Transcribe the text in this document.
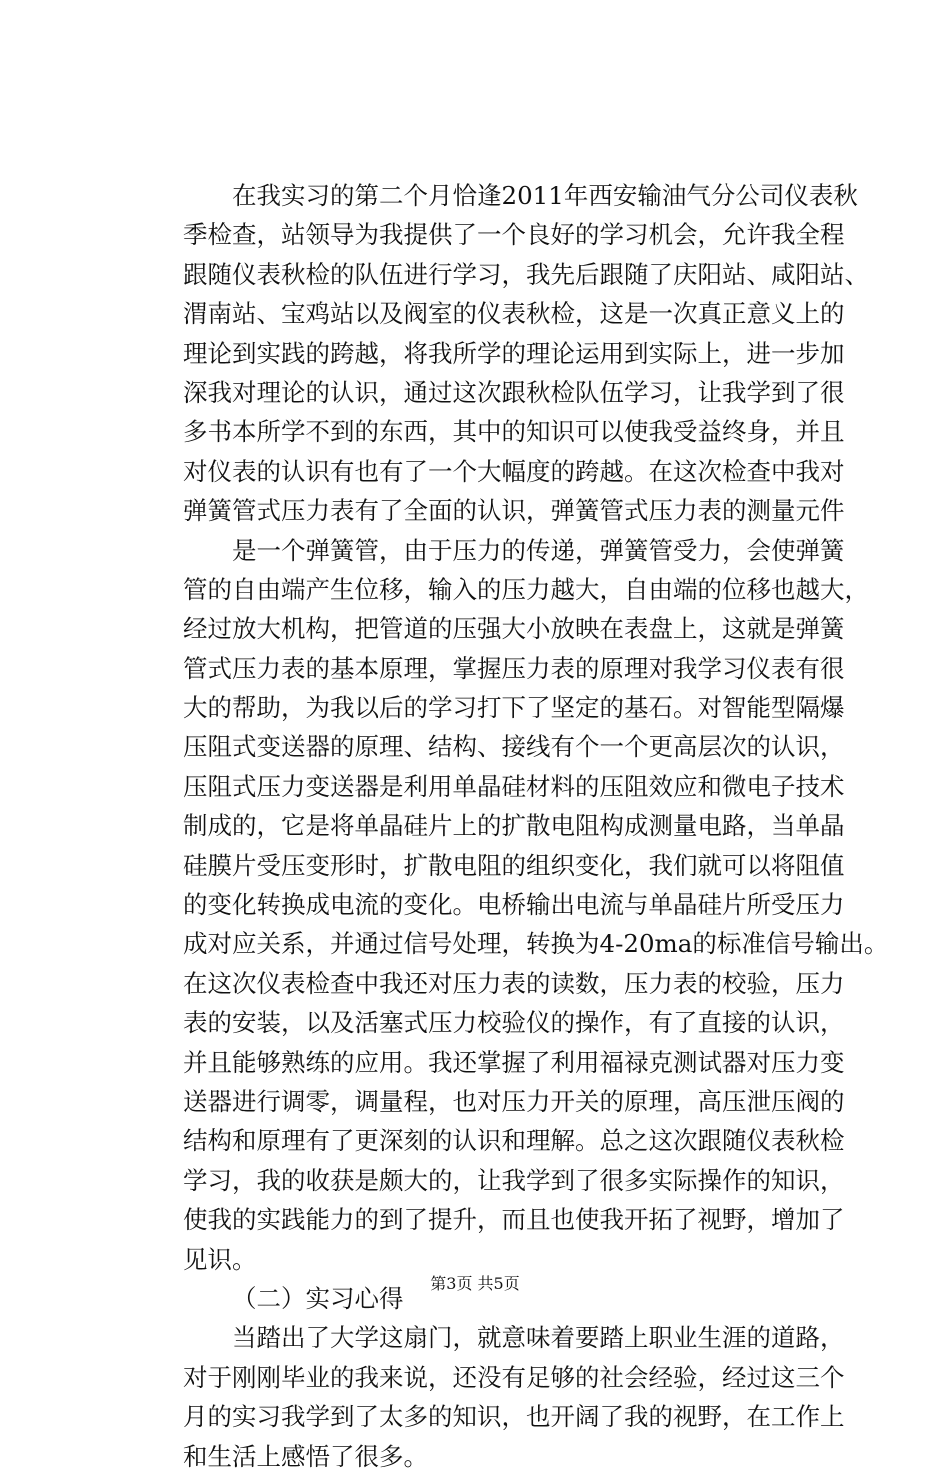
在我实习的第二个月恰逢2011年西安输油气分公司仪表秋
季检查，站领导为我提供了一个良好的学习机会，允许我全程
跟随仪表秋检的队伍进行学习，我先后跟随了庆阳站、咸阳站、
渭南站、宝鸡站以及阀室的仪表秋检，这是一次真正意义上的
理论到实践的跨越，将我所学的理论运用到实际上，进一步加
深我对理论的认识，通过这次跟秋检队伍学习，让我学到了很
多书本所学不到的东西，其中的知识可以使我受益终身，并且
对仪表的认识有也有了一个大幅度的跨越。在这次检查中我对
弹簧管式压力表有了全面的认识，弹簧管式压力表的测量元件
是一个弹簧管，由于压力的传递，弹簧管受力，会使弹簧
管的自由端产生位移，输入的压力越大，自由端的位移也越大，
经过放大机构，把管道的压强大小放映在表盘上，这就是弹簧
管式压力表的基本原理，掌握压力表的原理对我学习仪表有很
大的帮助，为我以后的学习打下了坚定的基石。对智能型隔爆
压阻式变送器的原理、结构、接线有个一个更高层次的认识，
压阻式压力变送器是利用单晶硅材料的压阻效应和微电子技术
制成的，它是将单晶硅片上的扩散电阻构成测量电路，当单晶
硅膜片受压变形时，扩散电阻的组织变化，我们就可以将阻值
的变化转换成电流的变化。电桥输出电流与单晶硅片所受压力
成对应关系，并通过信号处理，转换为4-20ma的标准信号输出。
在这次仪表检查中我还对压力表的读数，压力表的校验，压力
表的安装，以及活塞式压力校验仪的操作，有了直接的认识，
并且能够熟练的应用。我还掌握了利用福禄克测试器对压力变
送器进行调零，调量程，也对压力开关的原理，高压泄压阀的
结构和原理有了更深刻的认识和理解。总之这次跟随仪表秋检
学习，我的收获是颇大的，让我学到了很多实际操作的知识，
使我的实践能力的到了提升，而且也使我开拓了视野，增加了
见识。
（二）实习心得
当踏出了大学这扇门，就意味着要踏上职业生涯的道路，
对于刚刚毕业的我来说，还没有足够的社会经验，经过这三个
月的实习我学到了太多的知识，也开阔了我的视野，在工作上
和生活上感悟了很多。
第3页 共5页
